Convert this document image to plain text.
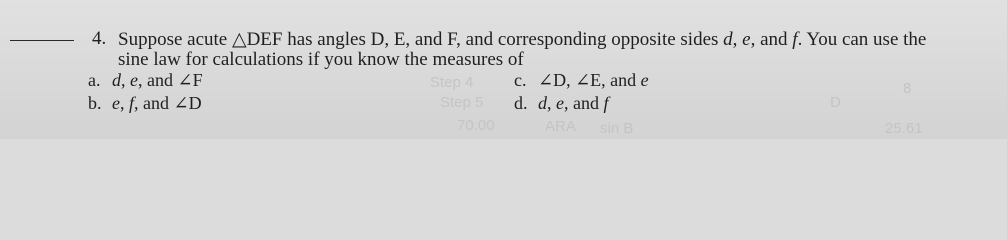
Step 4
Step 5
70.00	ARA sin B
D
8
25.61
4. Suppose acute △DEF has angles D, E, and F, and corresponding opposite sides d, e, and f. You can use the
sine law for calculations if you know the measures of
a. d, e, and ∠F
b. e, f, and ∠D
c. ∠D, ∠E, and e
d. d, e, and f
